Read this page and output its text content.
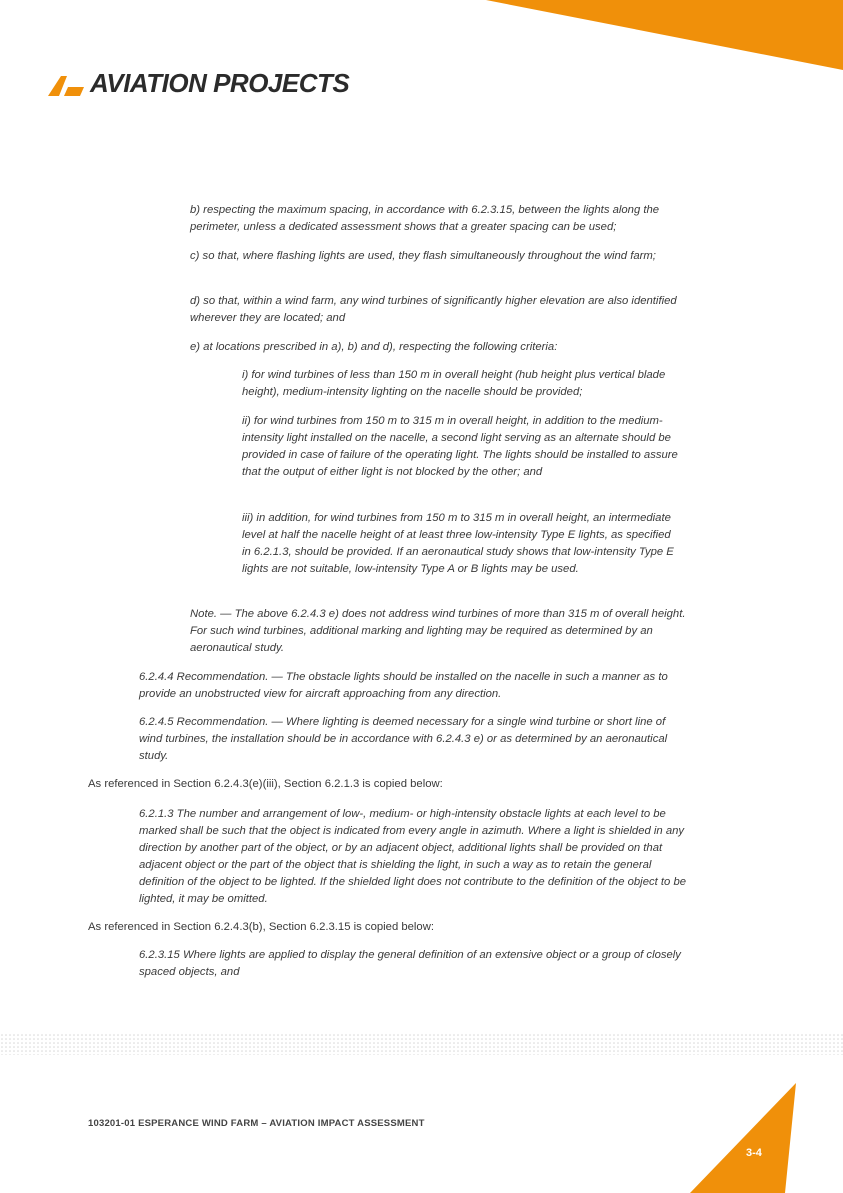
AVIATION PROJECTS

b) respecting the maximum spacing, in accordance with 6.2.3.15, between the lights along the perimeter, unless a dedicated assessment shows that a greater spacing can be used;

c) so that, where flashing lights are used, they flash simultaneously throughout the wind farm;

d) so that, within a wind farm, any wind turbines of significantly higher elevation are also identified wherever they are located; and

e) at locations prescribed in a), b) and d), respecting the following criteria:

i) for wind turbines of less than 150 m in overall height (hub height plus vertical blade height), medium-intensity lighting on the nacelle should be provided;

ii) for wind turbines from 150 m to 315 m in overall height, in addition to the medium-intensity light installed on the nacelle, a second light serving as an alternate should be provided in case of failure of the operating light. The lights should be installed to assure that the output of either light is not blocked by the other; and

iii) in addition, for wind turbines from 150 m to 315 m in overall height, an intermediate level at half the nacelle height of at least three low-intensity Type E lights, as specified in 6.2.1.3, should be provided. If an aeronautical study shows that low-intensity Type E lights are not suitable, low-intensity Type A or B lights may be used.

Note. — The above 6.2.4.3 e) does not address wind turbines of more than 315 m of overall height. For such wind turbines, additional marking and lighting may be required as determined by an aeronautical study.

6.2.4.4 Recommendation. — The obstacle lights should be installed on the nacelle in such a manner as to provide an unobstructed view for aircraft approaching from any direction.

6.2.4.5 Recommendation. — Where lighting is deemed necessary for a single wind turbine or short line of wind turbines, the installation should be in accordance with 6.2.4.3 e) or as determined by an aeronautical study.

As referenced in Section 6.2.4.3(e)(iii), Section 6.2.1.3 is copied below:

6.2.1.3 The number and arrangement of low-, medium- or high-intensity obstacle lights at each level to be marked shall be such that the object is indicated from every angle in azimuth. Where a light is shielded in any direction by another part of the object, or by an adjacent object, additional lights shall be provided on that adjacent object or the part of the object that is shielding the light, in such a way as to retain the general definition of the object to be lighted. If the shielded light does not contribute to the definition of the object to be lighted, it may be omitted.

As referenced in Section 6.2.4.3(b), Section 6.2.3.15 is copied below:

6.2.3.15 Where lights are applied to display the general definition of an extensive object or a group of closely spaced objects, and

103201-01 ESPERANCE WIND FARM – AVIATION IMPACT ASSESSMENT
3-4
